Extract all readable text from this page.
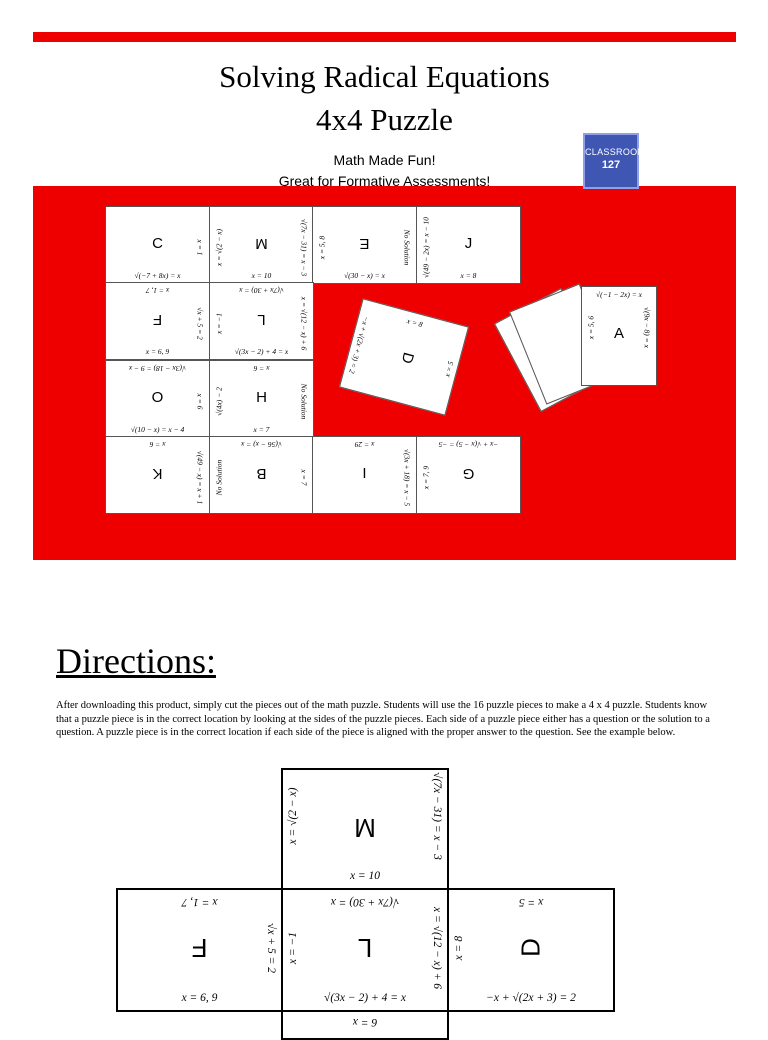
Solving Radical Equations
4x4 Puzzle
Math Made Fun!
Great for Formative Assessments!
CLASSROOM
127
C
√(−7 + 8x) = x
x = 1	M
x = 10	√(7x − 31) = x − 3
x = √(2 − x)	E
√(30 − x) = x
No Solution
x = 5, 8	J
x = 8
√(49 − 2x) = x − 10
F
x = 6, 9
x = 1, 7
√x + 5 = 2	L
√(3x − 2) + 4 = x
√(7x + 30) = x
x = √(12 − x) + 6
x = −1
O
√(10 − x) = x − 4
√(3x − 18) = 9 − x
x = 6	H
x = 7
x = 6
No Solution
√(4x) − 2
K
x = 6
√(49 − x) = x + 1	B
√(56 − x) = x
x = 7
No Solution	I
x = 29
√(3x + 18) = x − 5	G
−x + √(x − 5) = −5
x = 7, 9
D
x = 5
−x + √(2x + 3) = 2	x = 8
A
√(−1 − 2x) = x
x = 5, 6	√(9x − 8) = x
Directions:
After downloading this product, simply cut the pieces out of the math puzzle. Students will use the 16 puzzle pieces to make a 4 x 4 puzzle. Students know that a puzzle piece is in the correct location by looking at the sides of the puzzle pieces. Each side of a puzzle piece either has a question or the solution to a question. A puzzle piece is in the correct location if each side of the piece is aligned with the proper answer to the question. See the example below.
M
x = 10
x = √(2 − x)	√(7x − 31) = x − 3
F
x = 1, 7
x = 6, 9
√x + 5 = 2	L
√(7x + 30) = x
√(3x − 2) + 4 = x
x = −1	x = √(12 − x) + 6	D
x = 5
−x + √(2x + 3) = 2
x = 8
6 = x
